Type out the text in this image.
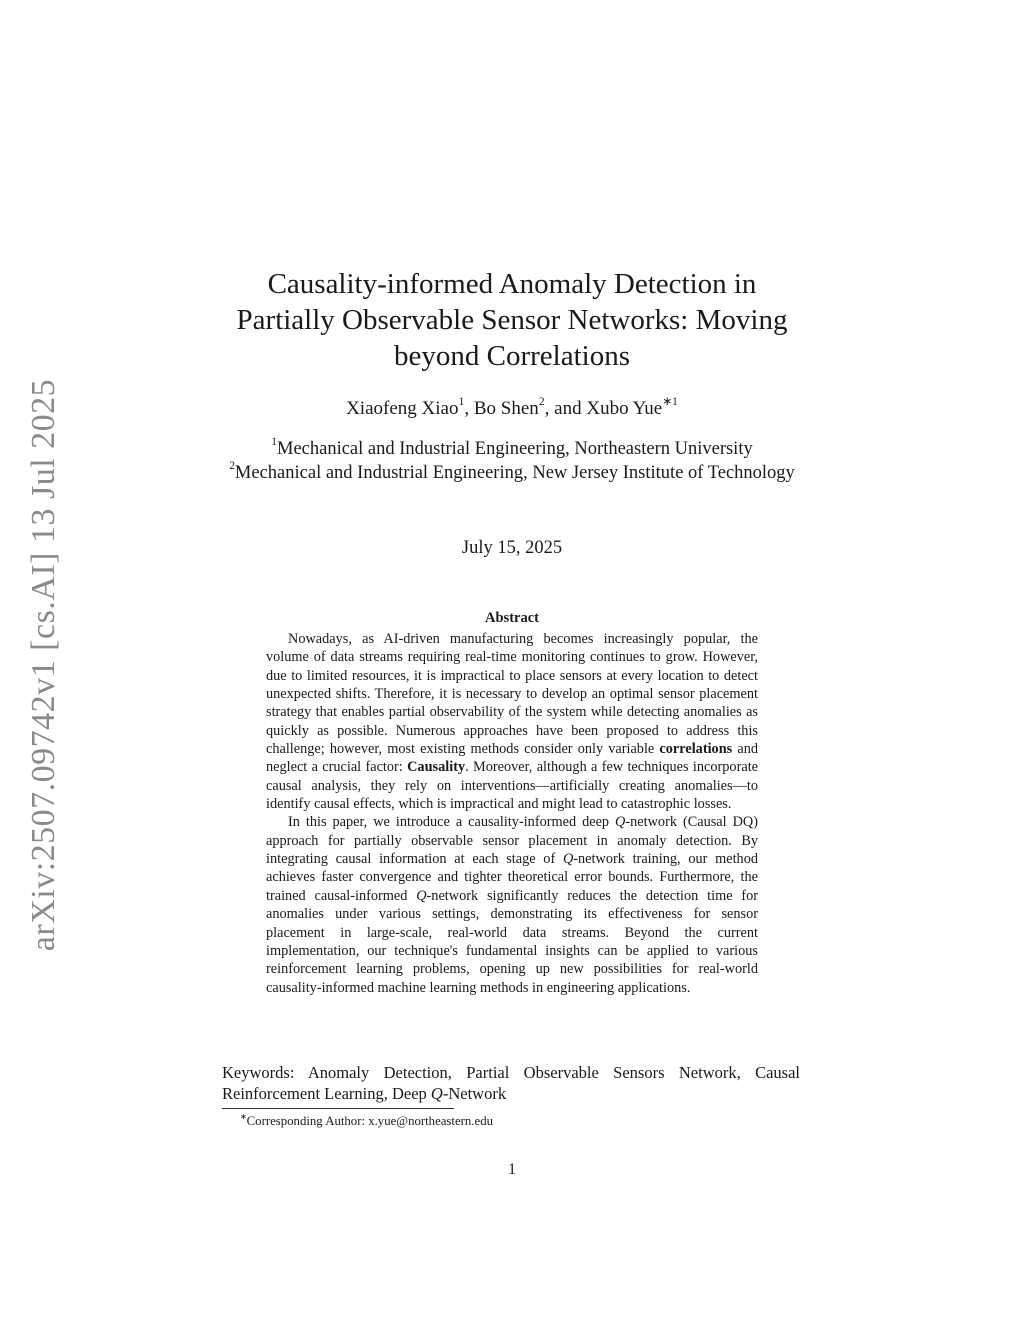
arXiv:2507.09742v1 [cs.AI] 13 Jul 2025
Causality-informed Anomaly Detection in
Partially Observable Sensor Networks: Moving
beyond Correlations
Xiaofeng Xiao$^1$, Bo Shen$^2$, and Xubo Yue$^{∗1}$
$^1$Mechanical and Industrial Engineering, Northeastern University
$^2$Mechanical and Industrial Engineering, New Jersey Institute of Technology
July 15, 2025
Abstract

Nowadays, as AI-driven manufacturing becomes increasingly popular, the volume of data streams requiring real-time monitoring continues to grow. However, due to limited resources, it is impractical to place sensors at every location to detect unexpected shifts. Therefore, it is necessary to develop an optimal sensor placement strategy that enables partial observability of the system while detecting anomalies as quickly as possible. Numerous approaches have been proposed to address this challenge; however, most existing methods consider only variable correlations and neglect a crucial factor: Causality. Moreover, although a few techniques incorporate causal analysis, they rely on interventions—artificially creating anomalies—to identify causal effects, which is impractical and might lead to catastrophic losses.

In this paper, we introduce a causality-informed deep Q-network (Causal DQ) approach for partially observable sensor placement in anomaly detection. By integrating causal information at each stage of Q-network training, our method achieves faster convergence and tighter theoretical error bounds. Furthermore, the trained causal-informed Q-network significantly reduces the detection time for anomalies under various settings, demonstrating its effectiveness for sensor placement in large-scale, real-world data streams. Beyond the current implementation, our technique's fundamental insights can be applied to various reinforcement learning problems, opening up new possibilities for real-world causality-informed machine learning methods in engineering applications.

Keywords: Anomaly Detection, Partial Observable Sensors Network, Causal Reinforcement Learning, Deep Q-Network
∗Corresponding Author: x.yue@northeastern.edu
1
